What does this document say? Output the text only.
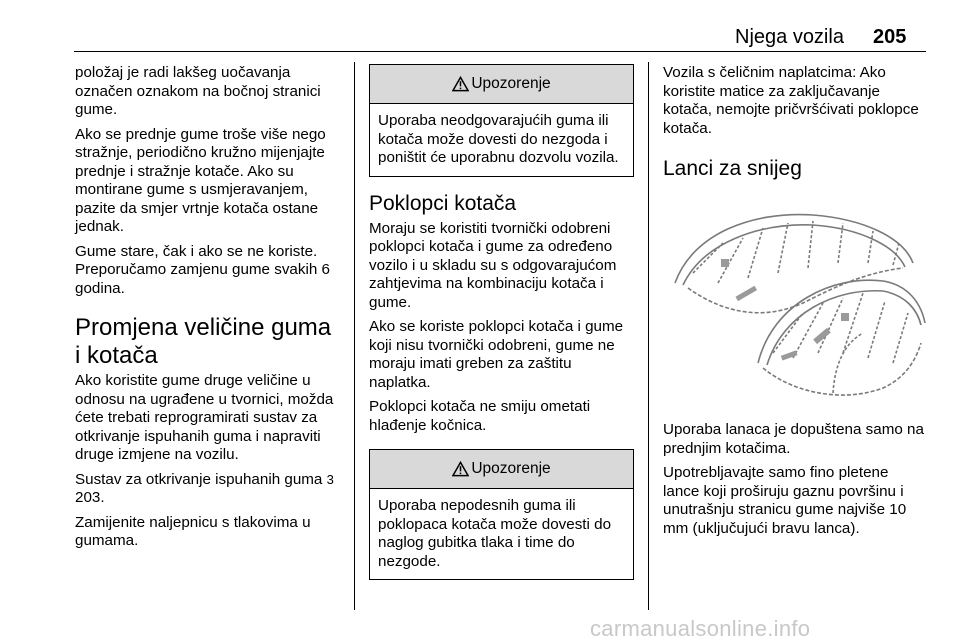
Njega vozila 205

položaj je radi lakšeg uočavanja označen oznakom na bočnoj stranici gume.

Ako se prednje gume troše više nego stražnje, periodično kružno mijenjajte prednje i stražnje kotače. Ako su montirane gume s usmjeravanjem, pazite da smjer vrtnje kotača ostane jednak.

Gume stare, čak i ako se ne koriste. Preporučamo zamjenu gume svakih 6 godina.

Promjena veličine guma i kotača

Ako koristite gume druge veličine u odnosu na ugrađene u tvornici, možda ćete trebati reprogramirati sustav za otkrivanje ispuhanih guma i napraviti druge izmjene na vozilu.

Sustav za otkrivanje ispuhanih guma 3 203.

Zamijenite naljepnicu s tlakovima u gumama.

Upozorenje

Uporaba neodgovarajućih guma ili kotača može dovesti do nezgoda i poništit će uporabnu dozvolu vozila.

Poklopci kotača

Moraju se koristiti tvornički odobreni poklopci kotača i gume za određeno vozilo i u skladu su s odgovarajućom zahtjevima na kombinaciju kotača i gume.

Ako se koriste poklopci kotača i gume koji nisu tvornički odobreni, gume ne moraju imati greben za zaštitu naplatka.

Poklopci kotača ne smiju ometati hlađenje kočnica.

Upozorenje

Uporaba nepodesnih guma ili poklopaca kotača može dovesti do naglog gubitka tlaka i time do nezgode.

Vozila s čeličnim naplatcima: Ako koristite matice za zaključavanje kotača, nemojte pričvršćivati poklopce kotača.

Lanci za snijeg

Uporaba lanaca je dopuštena samo na prednjim kotačima.

Upotrebljavajte samo fino pletene lance koji proširuju gaznu površinu i unutrašnju stranicu gume najviše 10 mm (uključujući bravu lanca).

carmanualsonline.info
